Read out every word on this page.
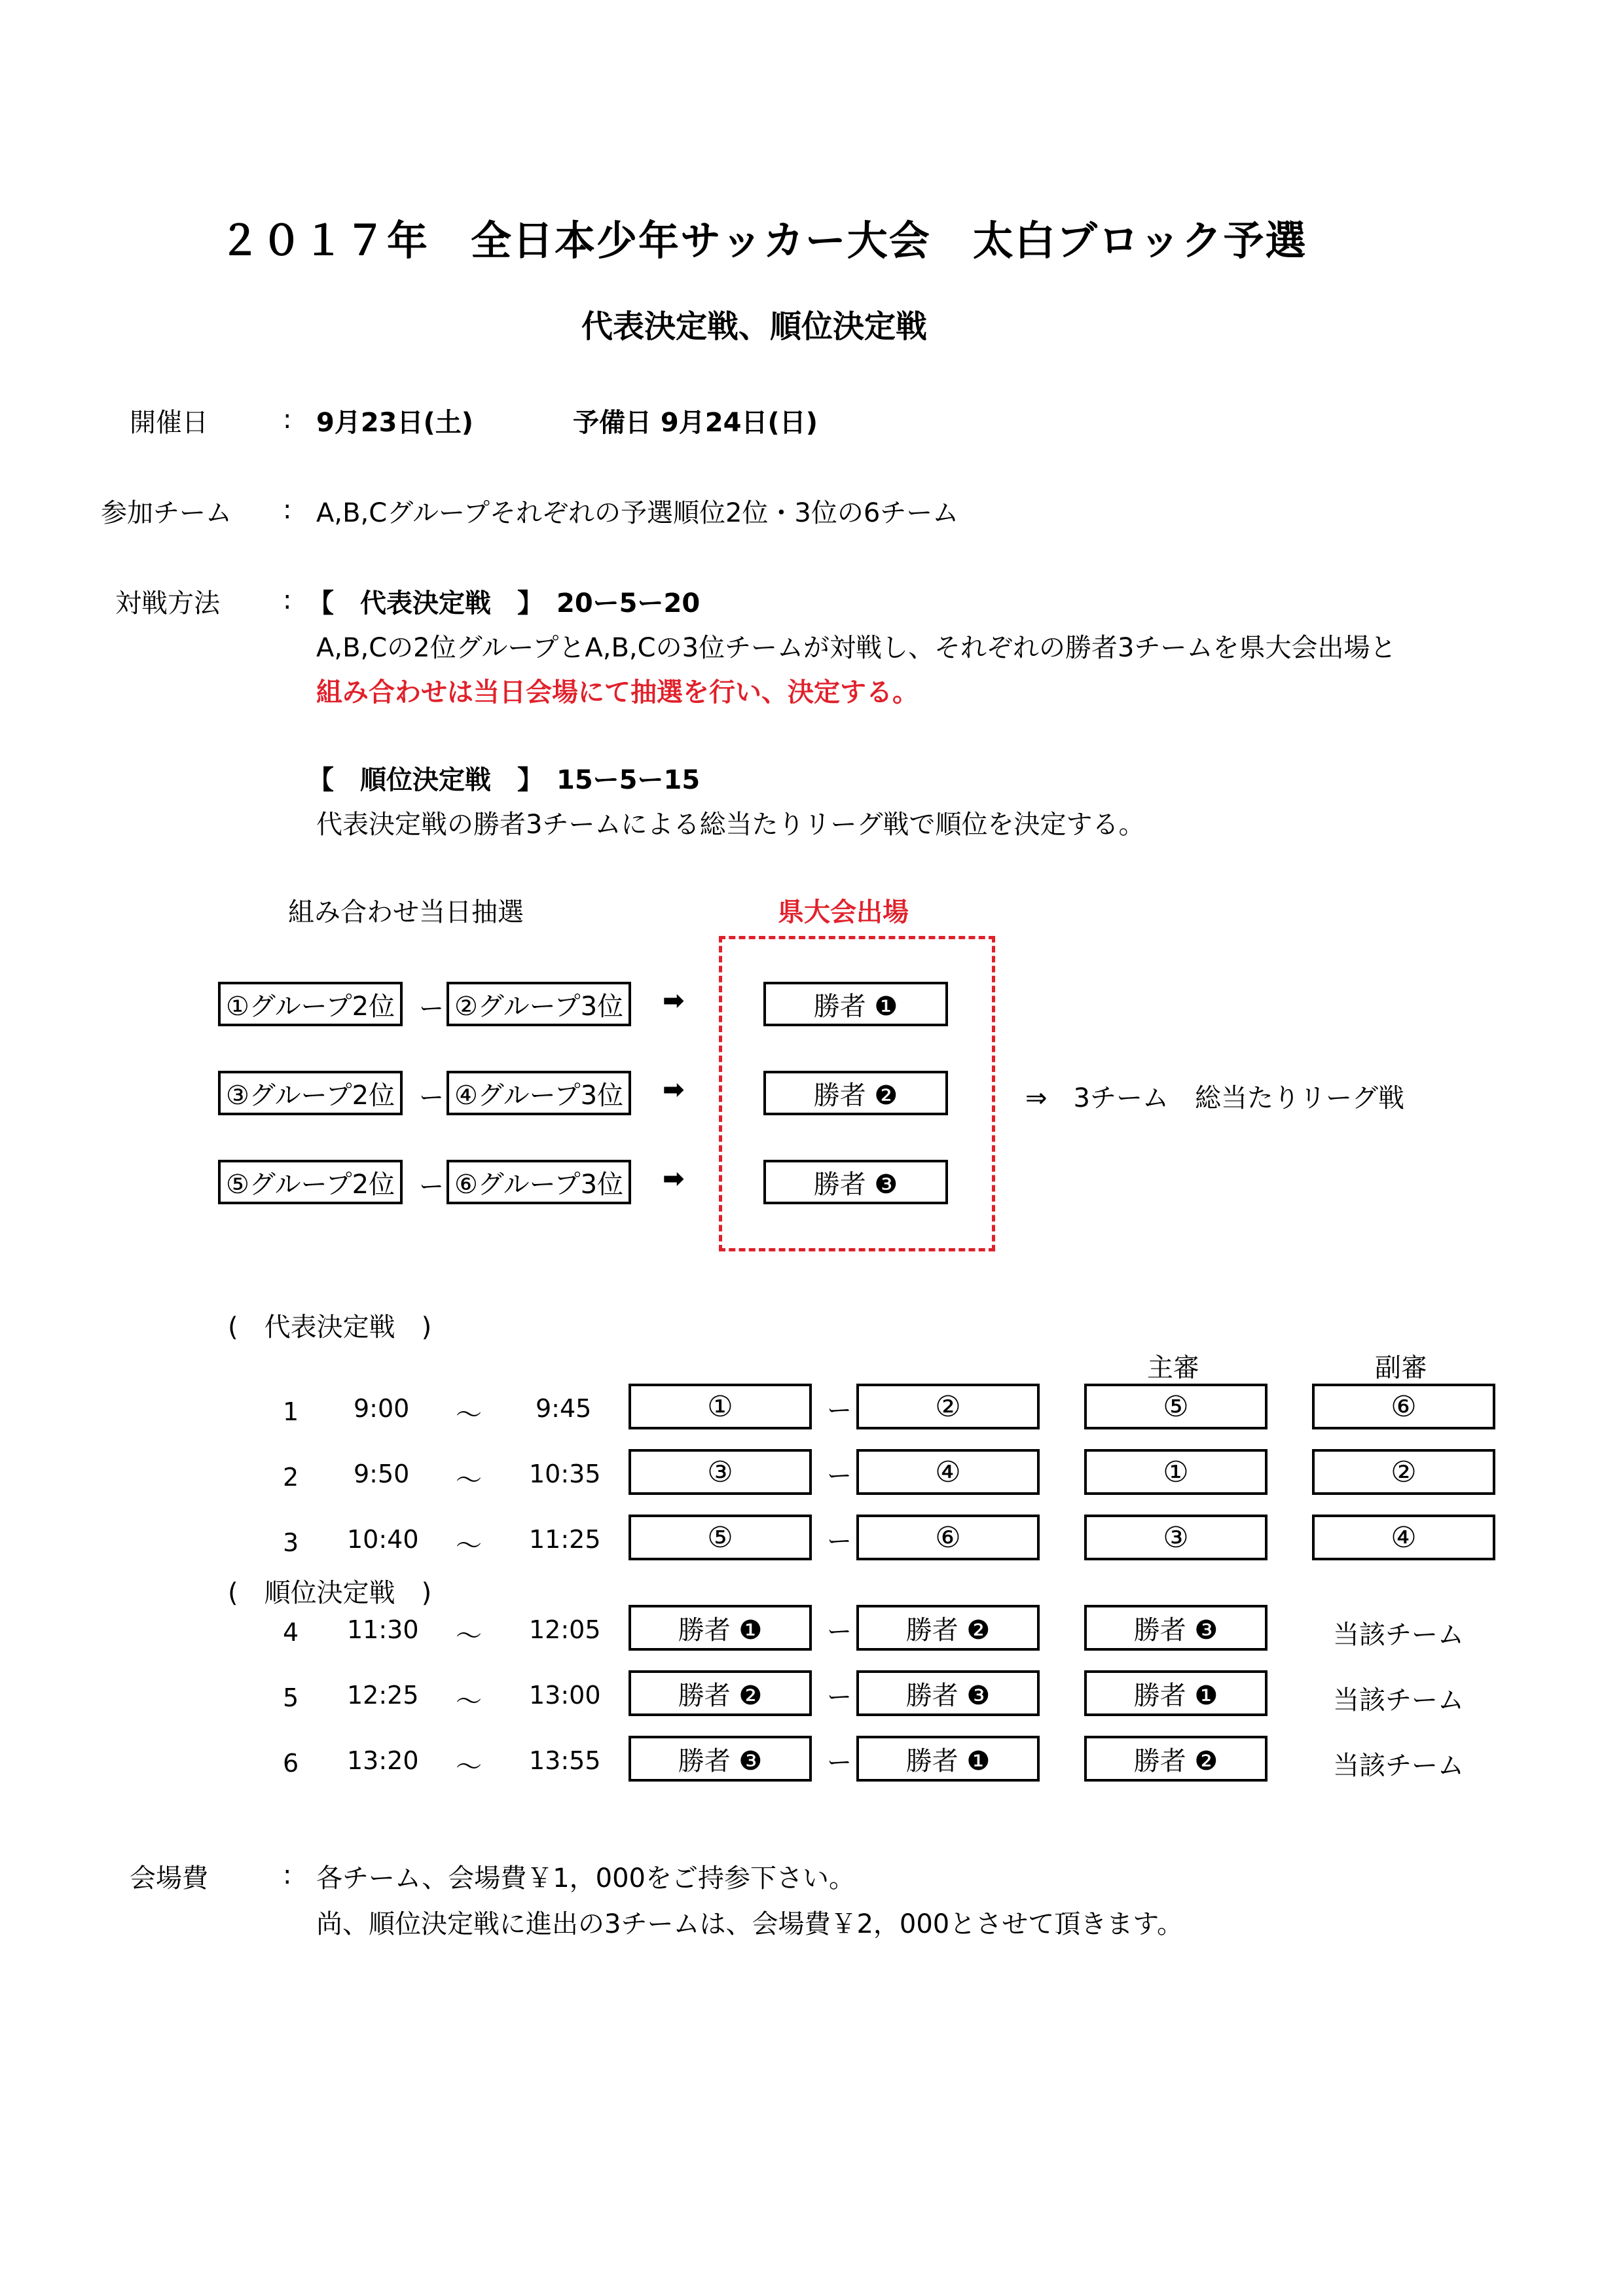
２０１７年　全日本少年サッカー大会　太白ブロック予選
代表決定戦、順位決定戦
開催日	: 9月23日(土)	予備日 9月24日(日)
参加チーム : A,B,Cグループそれぞれの予選順位2位・3位の6チーム
対戦方法 : 【　代表決定戦　】　20ー5ー20
A,B,Cの2位グループとA,B,Cの3位チームが対戦し、それぞれの勝者3チームを県大会出場と
組み合わせは当日会場にて抽選を行い、決定する。
【　順位決定戦　】　15ー5ー15
代表決定戦の勝者3チームによる総当たりリーグ戦で順位を決定する。
組み合わせ当日抽選	県大会出場
①グループ2位 ー ②グループ3位 ➡	勝者 ❶
③グループ2位 ー ④グループ3位 ➡	勝者 ❷	⇒　3チーム　総当たりリーグ戦
⑤グループ2位 ー ⑥グループ3位 ➡	勝者 ❸
(　代表決定戦　)
主審	副審
(　順位決定戦　)
1 9:00 〜 9:45	①	ー	②	⑤	⑥
2 9:50 〜 10:35	③	ー	④	①	②
3 10:40 〜 11:25	⑤	ー	⑥	③	④
4 11:30 〜 12:05	勝者 ❶	ー	勝者 ❷	勝者 ❸	当該チーム
5 12:25 〜 13:00	勝者 ❷	ー	勝者 ❸	勝者 ❶	当該チーム
6 13:20 〜 13:55	勝者 ❸	ー	勝者 ❶	勝者 ❷	当該チーム
会場費	: 各チーム、会場費￥1，000をご持参下さい。
尚、順位決定戦に進出の3チームは、会場費￥2，000とさせて頂きます。
